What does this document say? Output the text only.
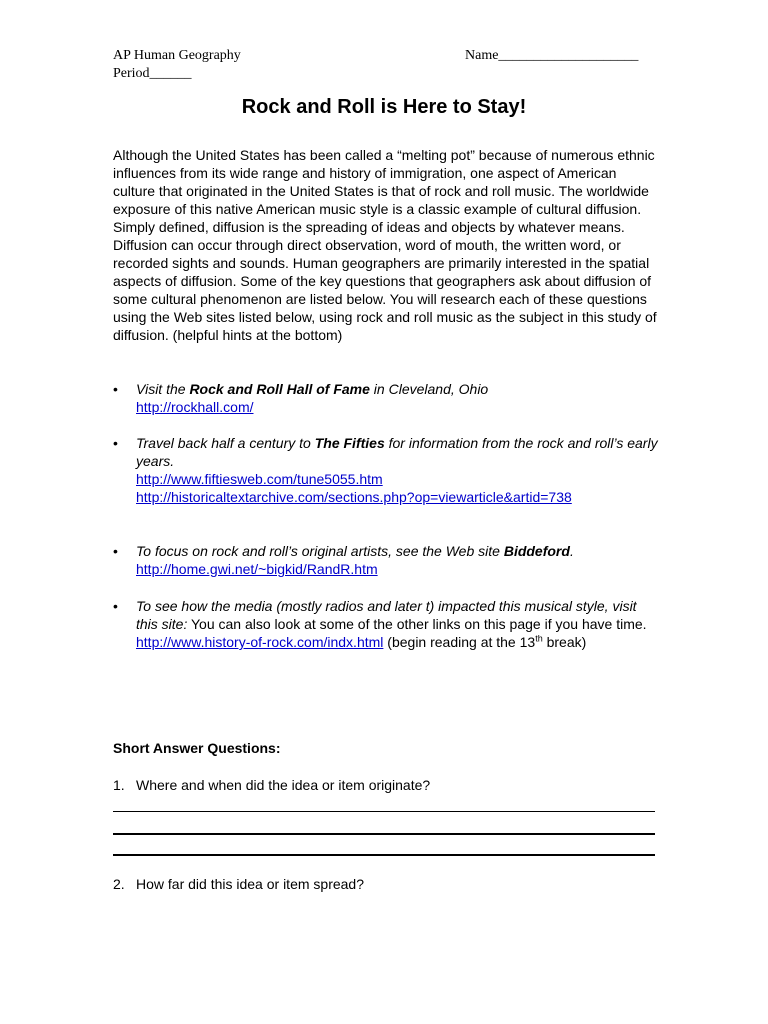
AP Human Geography
Period______
Name____________________
Rock and Roll is Here to Stay!
Although the United States has been called a “melting pot” because of numerous ethnic influences from its wide range and history of immigration, one aspect of American culture that originated in the United States is that of rock and roll music. The worldwide exposure of this native American music style is a classic example of cultural diffusion. Simply defined, diffusion is the spreading of ideas and objects by whatever means. Diffusion can occur through direct observation, word of mouth, the written word, or recorded sights and sounds. Human geographers are primarily interested in the spatial aspects of diffusion. Some of the key questions that geographers ask about diffusion of some cultural phenomenon are listed below. You will research each of these questions using the Web sites listed below, using rock and roll music as the subject in this study of diffusion. (helpful hints at the bottom)
•	Visit the Rock and Roll Hall of Fame in Cleveland, Ohio
http://rockhall.com/
•	Travel back half a century to The Fifties for information from the rock and roll’s early years.
http://www.fiftiesweb.com/tune5055.htm
http://historicaltextarchive.com/sections.php?op=viewarticle&artid=738
•	To focus on rock and roll’s original artists, see the Web site Biddeford.
http://home.gwi.net/~bigkid/RandR.htm
•	To see how the media (mostly radios and later t) impacted this musical style, visit this site: You can also look at some of the other links on this page if you have time.
http://www.history-of-rock.com/indx.html (begin reading at the 13th break)
Short Answer Questions:
1. Where and when did the idea or item originate?
2. How far did this idea or item spread?
